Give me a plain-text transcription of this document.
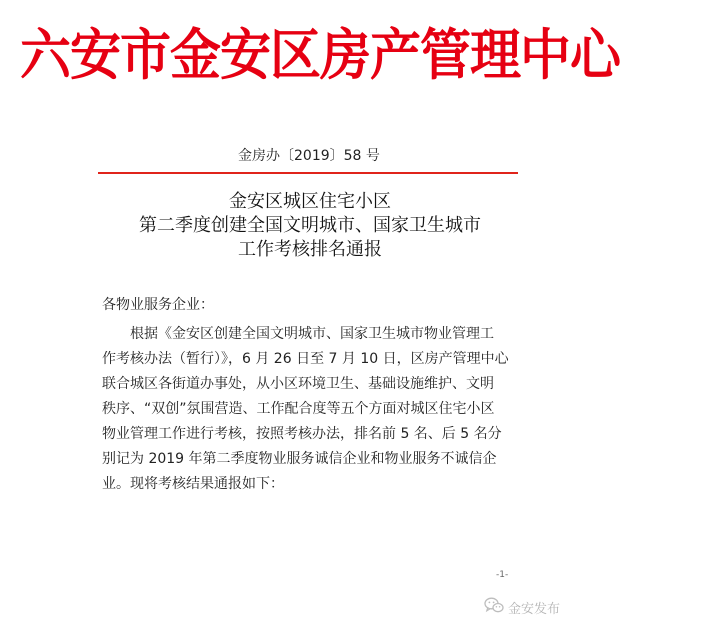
六安市金安区房产管理中心
金房办〔2019〕58 号
金安区城区住宅小区
第二季度创建全国文明城市、国家卫生城市
工作考核排名通报
各物业服务企业：
根据《金安区创建全国文明城市、国家卫生城市物业管理工
作考核办法（暂行）》，6 月 26 日至 7 月 10 日，区房产管理中心
联合城区各街道办事处，从小区环境卫生、基础设施维护、文明
秩序、“双创”氛围营造、工作配合度等五个方面对城区住宅小区
物业管理工作进行考核，按照考核办法，排名前 5 名、后 5 名分
别记为 2019 年第二季度物业服务诚信企业和物业服务不诚信企
业。现将考核结果通报如下：
-1-
金安发布
